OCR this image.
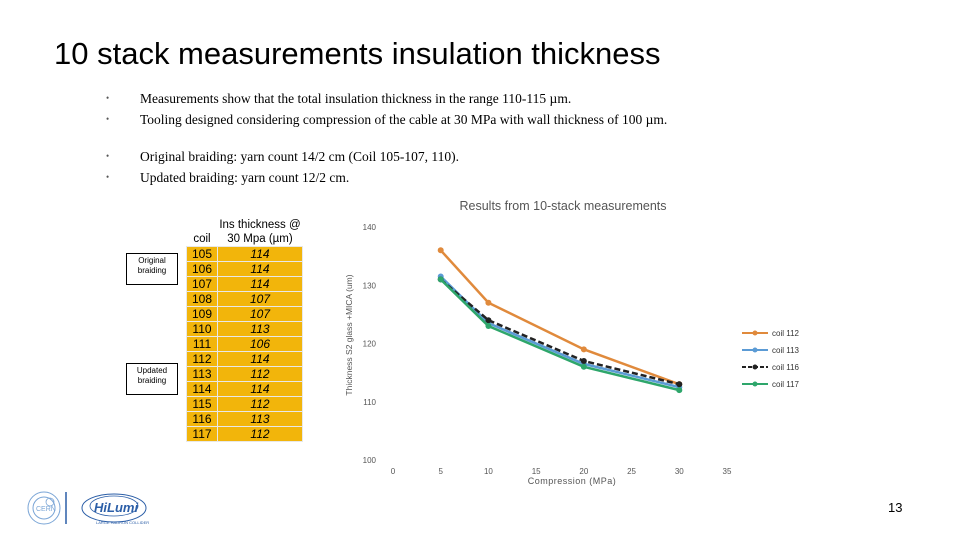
10 stack measurements insulation thickness
• Measurements show that the total insulation thickness in the range 110-115 µm.
• Tooling designed considering compression of the cable at 30 MPa with wall thickness of 100 µm.
• Original braiding: yarn count 14/2 cm (Coil 105-107, 110).
• Updated braiding: yarn count 12/2 cm.
Original braiding
Updated braiding
	Ins thickness @
coil	30 Mpa (µm)
105	114
106	114
107	114
108	107
109	107
110	113
111	106
112	114
113	112
114	114
115	112
116	113
117	112
Results from 10-stack measurements
100
110
120
130
140
0	5	10	15	20	25	30	35
Compression (MPa)
Thickness S2 glass +MICA (um)	coil 112
coil 113
coil 116
coil 117
CERN	HiLumi
LARGE HADRON COLLIDER
13
